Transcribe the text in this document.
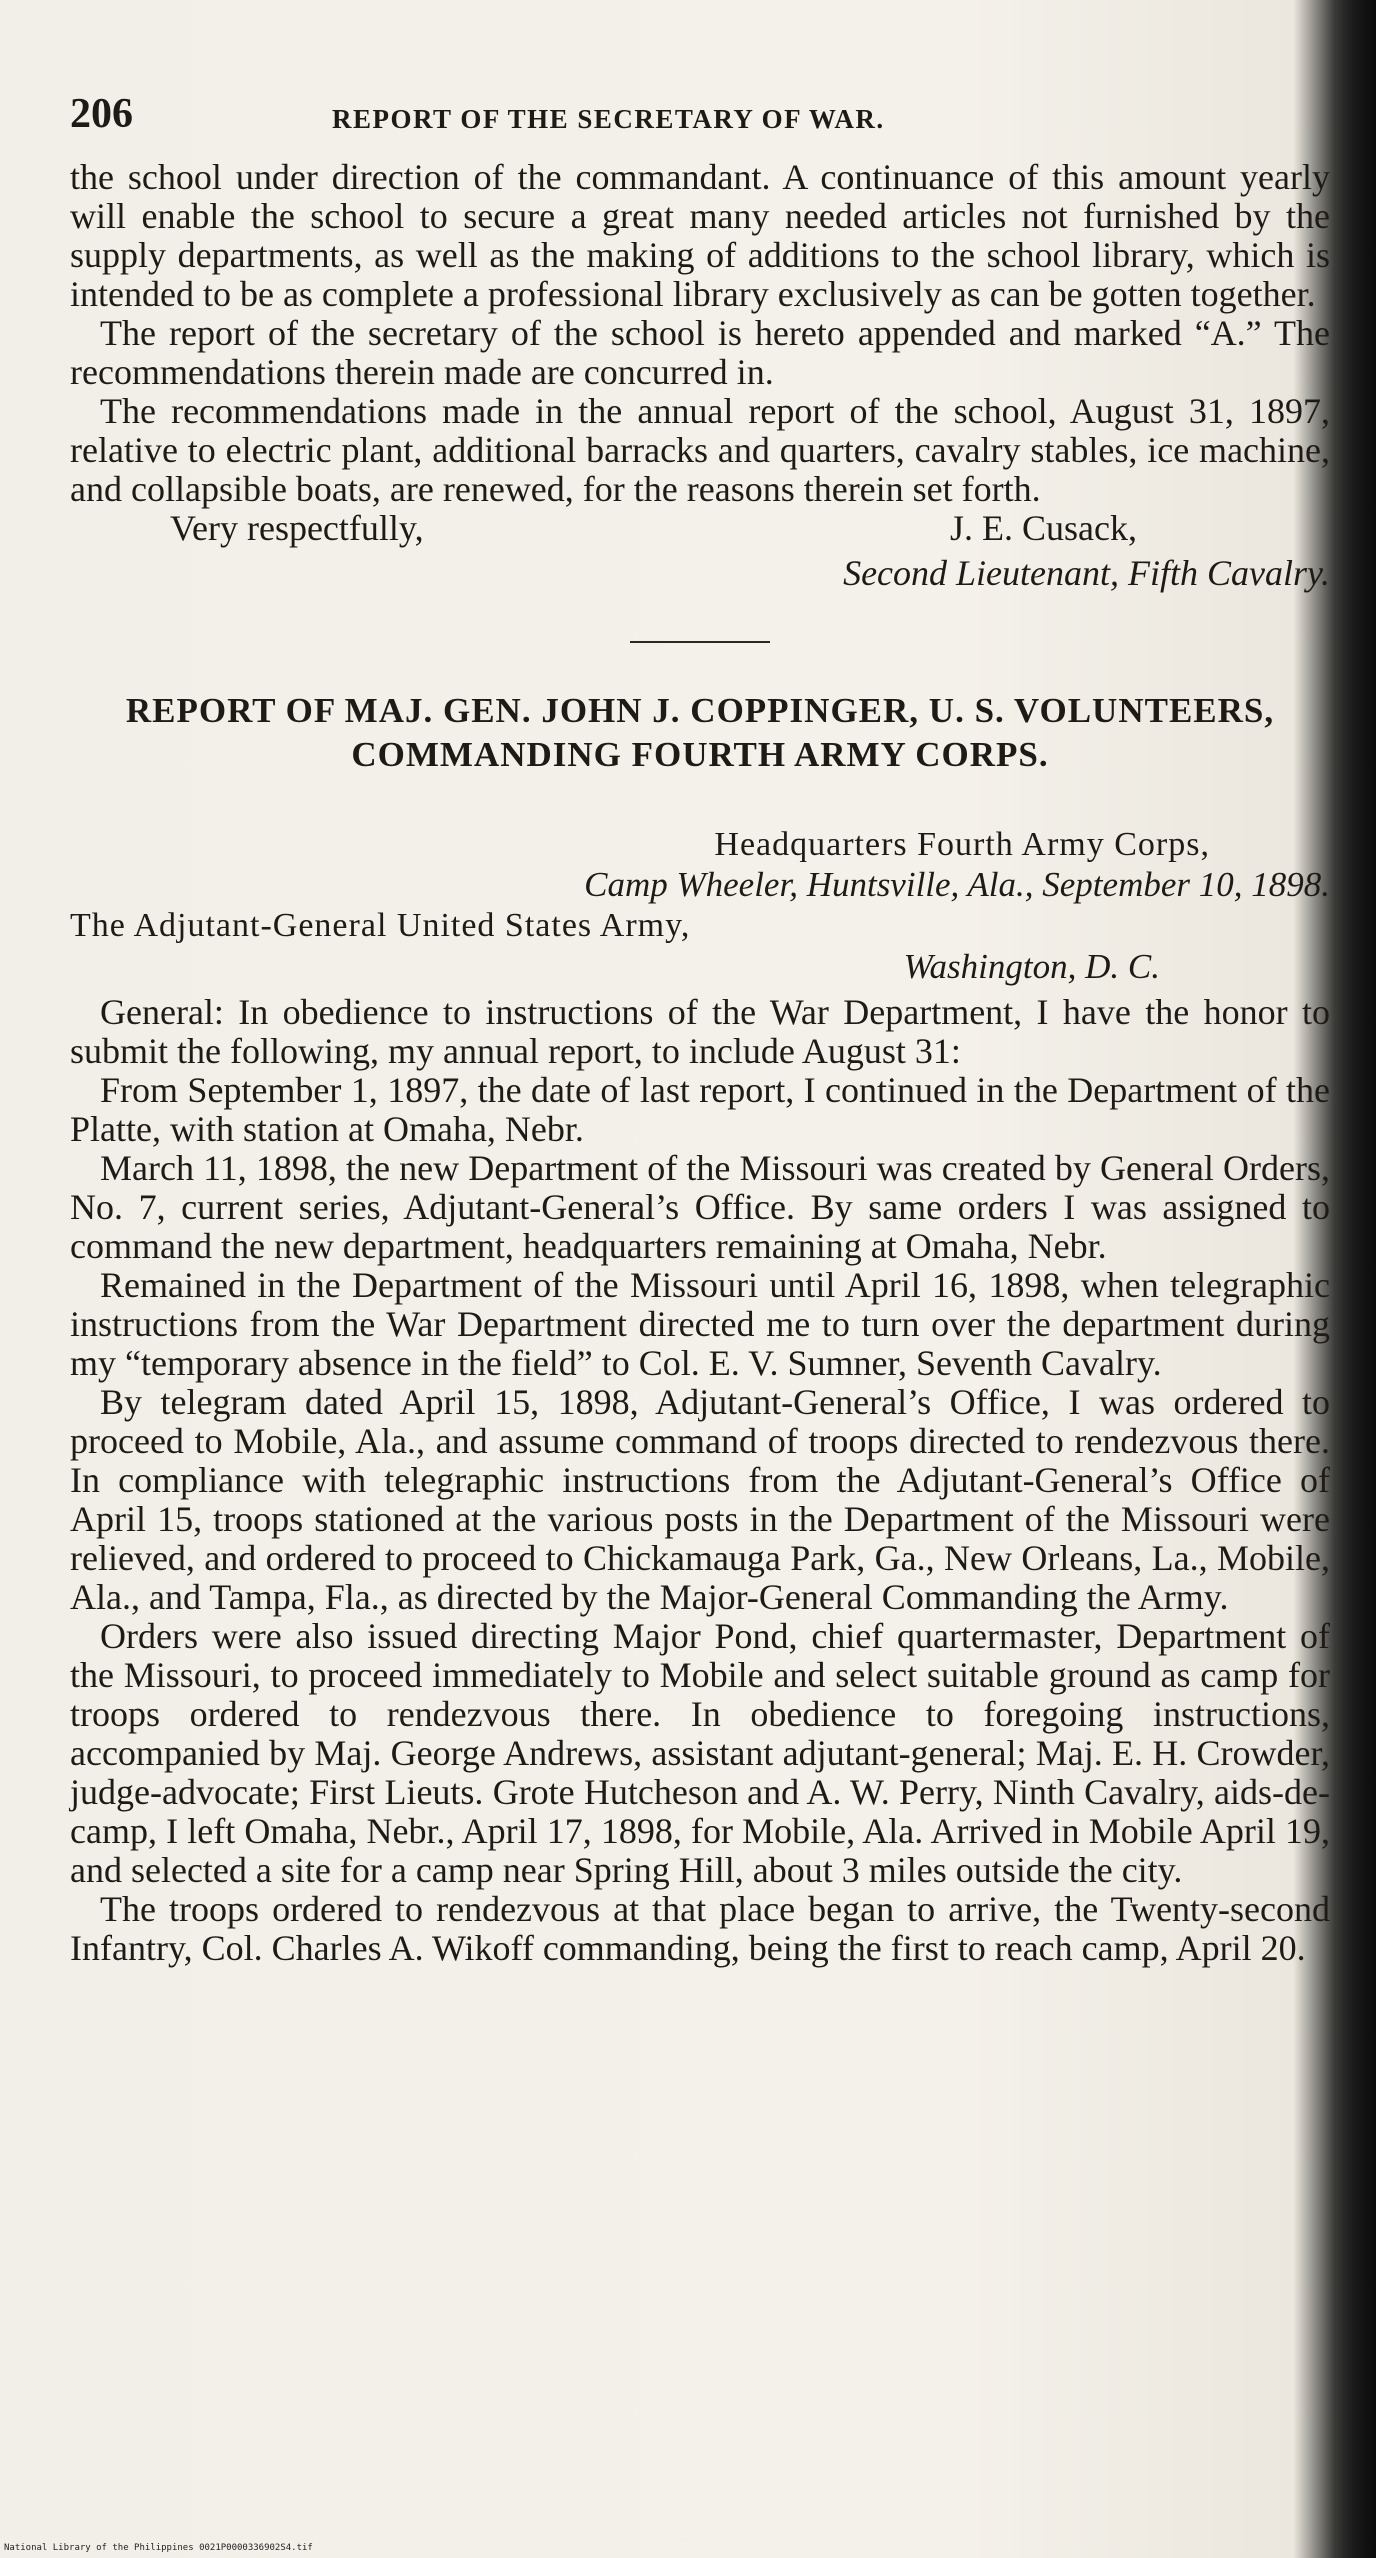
206	REPORT OF THE SECRETARY OF WAR.

the school under direction of the commandant. A continuance of this amount yearly will enable the school to secure a great many needed articles not furnished by the supply departments, as well as the making of additions to the school library, which is intended to be as complete a professional library exclusively as can be gotten together.

The report of the secretary of the school is hereto appended and marked “A.” The recommendations therein made are concurred in.

The recommendations made in the annual report of the school, August 31, 1897, relative to electric plant, additional barracks and quarters, cavalry stables, ice machine, and collapsible boats, are renewed, for the reasons therein set forth.

Very respectfully,	J. E. Cusack,
Second Lieutenant, Fifth Cavalry.
REPORT OF MAJ. GEN. JOHN J. COPPINGER, U. S. VOLUNTEERS,
COMMANDING FOURTH ARMY CORPS.
Headquarters Fourth Army Corps,
Camp Wheeler, Huntsville, Ala., September 10, 1898.
The Adjutant-General United States Army,
Washington, D. C.

General: In obedience to instructions of the War Department, I have the honor to submit the following, my annual report, to include August 31:

From September 1, 1897, the date of last report, I continued in the Department of the Platte, with station at Omaha, Nebr.

March 11, 1898, the new Department of the Missouri was created by General Orders, No. 7, current series, Adjutant-General’s Office. By same orders I was assigned to command the new department, headquarters remaining at Omaha, Nebr.

Remained in the Department of the Missouri until April 16, 1898, when telegraphic instructions from the War Department directed me to turn over the department during my “temporary absence in the field” to Col. E. V. Sumner, Seventh Cavalry.

By telegram dated April 15, 1898, Adjutant-General’s Office, I was ordered to proceed to Mobile, Ala., and assume command of troops directed to rendezvous there. In compliance with telegraphic instructions from the Adjutant-General’s Office of April 15, troops stationed at the various posts in the Department of the Missouri were relieved, and ordered to proceed to Chickamauga Park, Ga., New Orleans, La., Mobile, Ala., and Tampa, Fla., as directed by the Major-General Commanding the Army.

Orders were also issued directing Major Pond, chief quartermaster, Department of the Missouri, to proceed immediately to Mobile and select suitable ground as camp for troops ordered to rendezvous there. In obedience to foregoing instructions, accompanied by Maj. George Andrews, assistant adjutant-general; Maj. E. H. Crowder, judge-advocate; First Lieuts. Grote Hutcheson and A. W. Perry, Ninth Cavalry, aids-de-camp, I left Omaha, Nebr., April 17, 1898, for Mobile, Ala. Arrived in Mobile April 19, and selected a site for a camp near Spring Hill, about 3 miles outside the city.

The troops ordered to rendezvous at that place began to arrive, the Twenty-second Infantry, Col. Charles A. Wikoff commanding, being the first to reach camp, April 20.

National Library of the Philippines 0021P0000336902S4.tif
